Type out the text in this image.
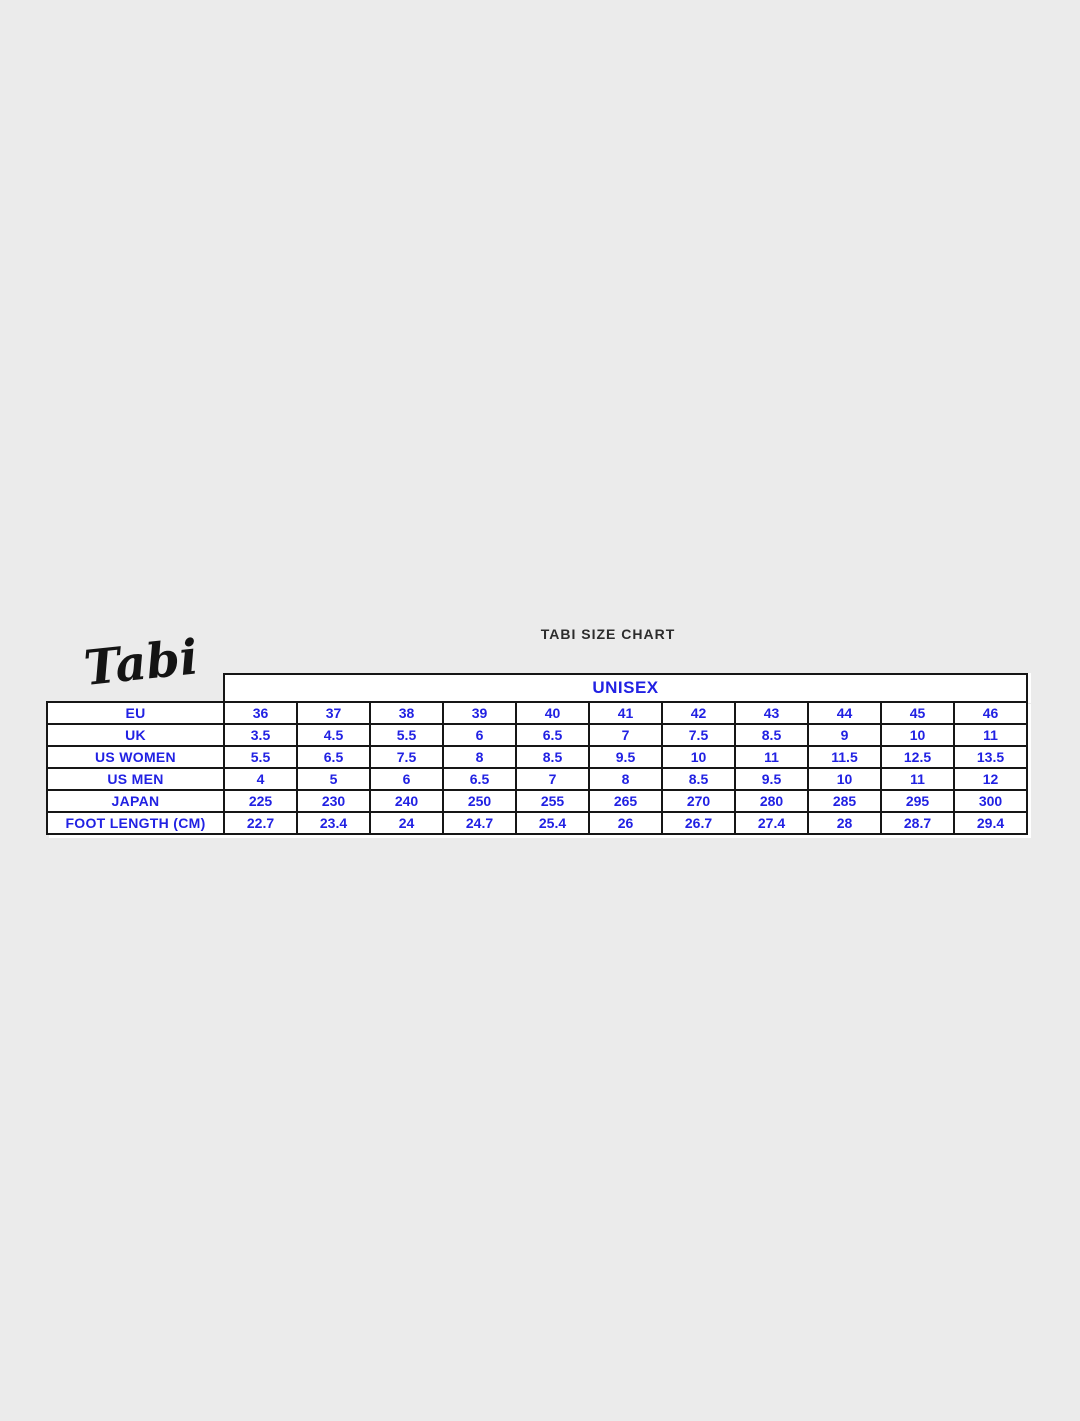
Tabi	TABI SIZE CHART
UNISEX
EU	36	37	38	39	40	41	42	43	44	45	46
UK	3.5	4.5	5.5	6	6.5	7	7.5	8.5	9	10	11
US WOMEN	5.5	6.5	7.5	8	8.5	9.5	10	11	11.5	12.5	13.5
US MEN	4	5	6	6.5	7	8	8.5	9.5	10	11	12
JAPAN	225	230	240	250	255	265	270	280	285	295	300
FOOT LENGTH (CM)	22.7	23.4	24	24.7	25.4	26	26.7	27.4	28	28.7	29.4
